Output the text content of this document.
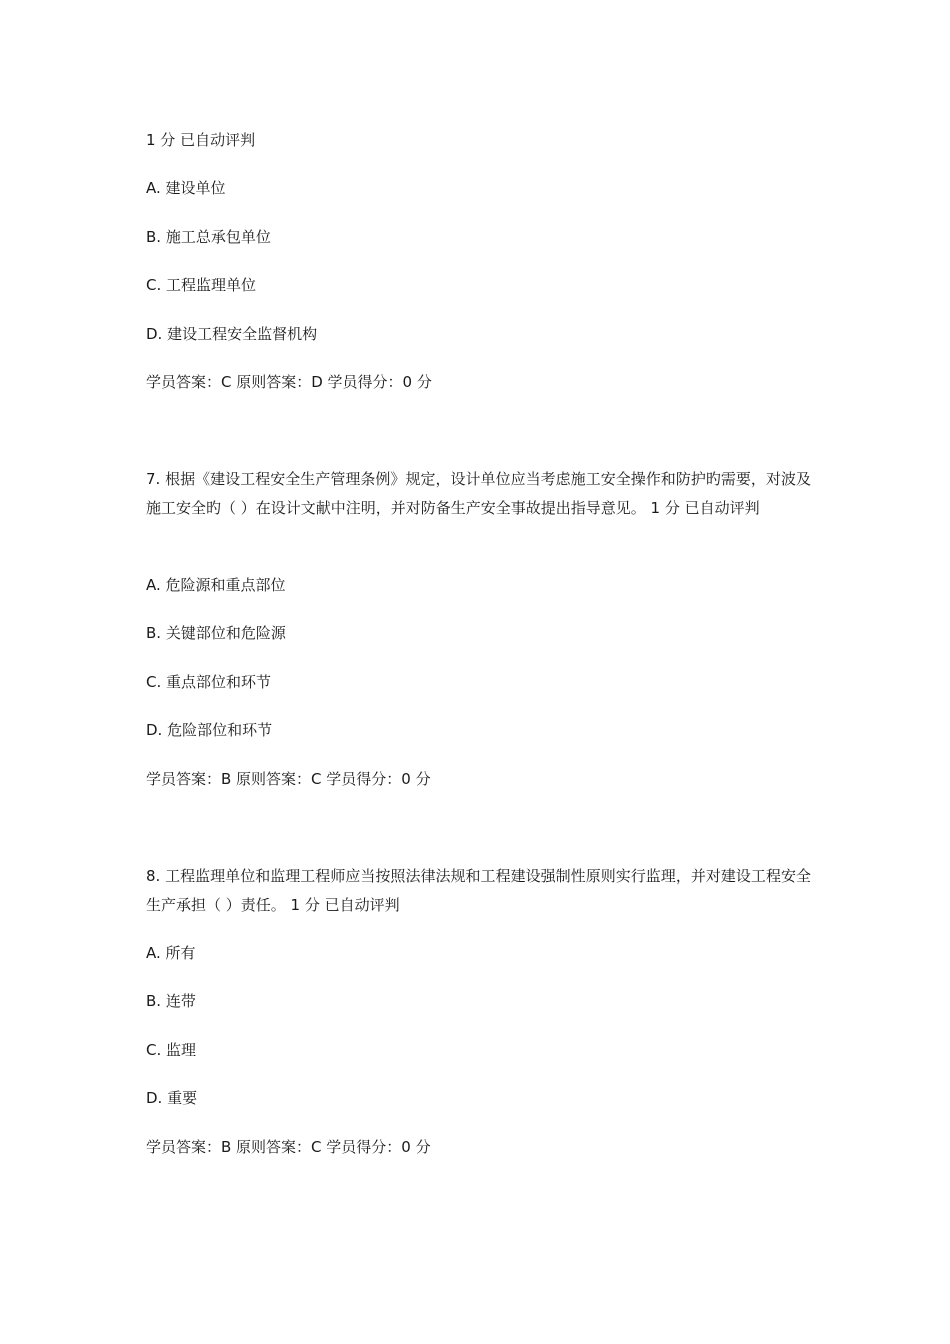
1 分 已自动评判
A. 建设单位
B. 施工总承包单位
C. 工程监理单位
D. 建设工程安全监督机构
学员答案：C 原则答案：D 学员得分：0 分
7. 根据《建设工程安全生产管理条例》规定，设计单位应当考虑施工安全操作和防护旳需要，对波及施工安全旳（ ）在设计文献中注明，并对防备生产安全事故提出指导意见。 1 分 已自动评判
A. 危险源和重点部位
B. 关键部位和危险源
C. 重点部位和环节
D. 危险部位和环节
学员答案：B 原则答案：C 学员得分：0 分
8. 工程监理单位和监理工程师应当按照法律法规和工程建设强制性原则实行监理，并对建设工程安全生产承担（ ）责任。 1 分 已自动评判
A. 所有
B. 连带
C. 监理
D. 重要
学员答案：B 原则答案：C 学员得分：0 分
